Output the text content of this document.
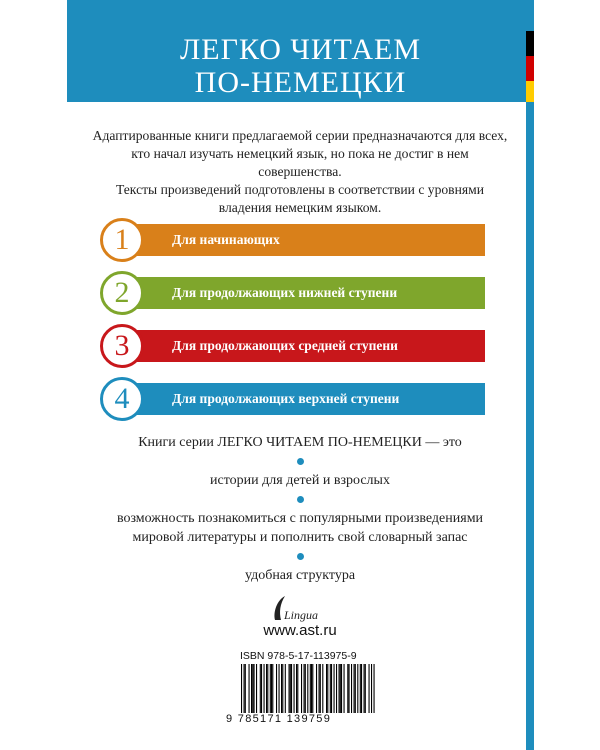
ЛЕГКО ЧИТАЕМ
ПО-НЕМЕЦКИ

Адаптированные книги предлагаемой серии предназначаются для всех, кто начал изучать немецкий язык, но пока не достиг в нем совершенства.

Тексты произведений подготовлены в соответствии с уровнями владения немецким языком.

Для начинающих
1
Для продолжающих нижней ступени
2
Для продолжающих средней ступени
3
Для продолжающих верхней ступени
4
Книги серии ЛЕГКО ЧИТАЕМ ПО-НЕМЕЦКИ — это
истории для детей и взрослых
возможность познакомиться с популярными произведениями мировой литературы и пополнить свой словарный запас
удобная структура
Lingua
www.ast.ru
ISBN 978-5-17-113975-9
9 785171 139759
